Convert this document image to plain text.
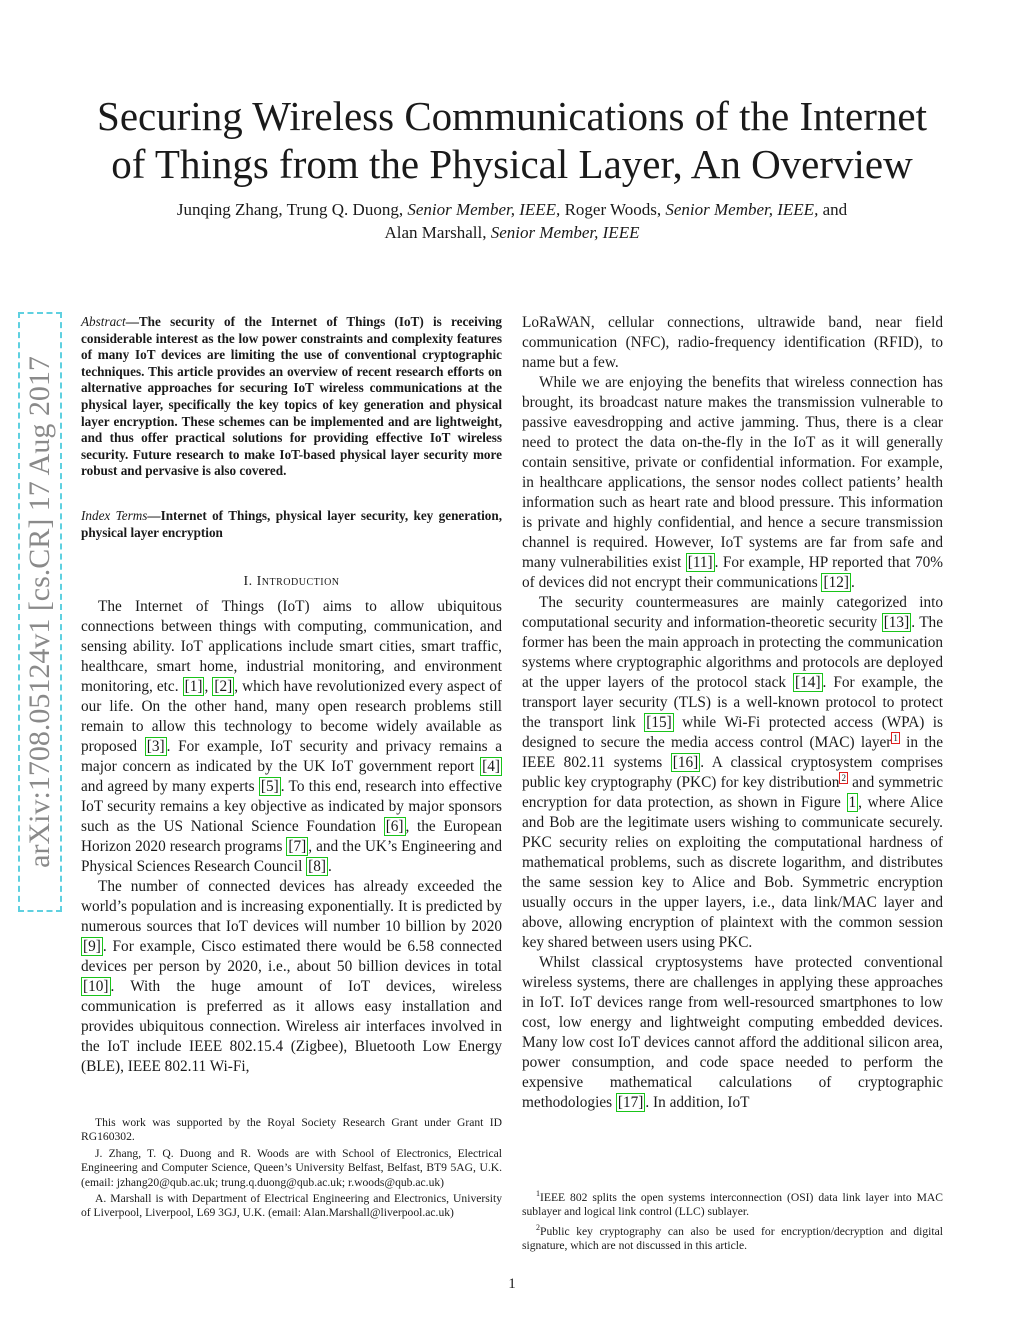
Securing Wireless Communications of the Internet
of Things from the Physical Layer, An Overview
Junqing Zhang, Trung Q. Duong, Senior Member, IEEE, Roger Woods, Senior Member, IEEE, and
Alan Marshall, Senior Member, IEEE
arXiv:1708.05124v1 [cs.CR] 17 Aug 2017

Abstract—The security of the Internet of Things (IoT) is receiving considerable interest as the low power constraints and complexity features of many IoT devices are limiting the use of conventional cryptographic techniques. This article provides an overview of recent research efforts on alternative approaches for securing IoT wireless communications at the physical layer, specifically the key topics of key generation and physical layer encryption. These schemes can be implemented and are lightweight, and thus offer practical solutions for providing effective IoT wireless security. Future research to make IoT-based physical layer security more robust and pervasive is also covered.

Index Terms—Internet of Things, physical layer security, key generation, physical layer encryption

I. Introduction

The Internet of Things (IoT) aims to allow ubiquitous connections between things with computing, communication, and sensing ability. IoT applications include smart cities, smart traffic, healthcare, smart home, industrial monitoring, and environment monitoring, etc. [1] , [2] , which have revolutionized every aspect of our life. On the other hand, many open research problems still remain to allow this technology to become widely available as proposed [3] . For example, IoT security and privacy remains a major concern as indicated by the UK IoT government report [4] and agreed by many experts [5] . To this end, research into effective IoT security remains a key objective as indicated by major sponsors such as the US National Science Foundation [6] , the European Horizon 2020 research programs [7] , and the UK’s Engineering and Physical Sciences Research Council [8] .

The number of connected devices has already exceeded the world’s population and is increasing exponentially. It is predicted by numerous sources that IoT devices will number 10 billion by 2020 [9] . For example, Cisco estimated there would be 6.58 connected devices per person by 2020, i.e., about 50 billion devices in total [10] . With the huge amount of IoT devices, wireless communication is preferred as it allows easy installation and provides ubiquitous connection. Wireless air interfaces involved in the IoT include IEEE 802.15.4 (Zigbee), Bluetooth Low Energy (BLE), IEEE 802.11 Wi-Fi,

This work was supported by the Royal Society Research Grant under Grant ID RG160302.

J. Zhang, T. Q. Duong and R. Woods are with School of Electronics, Electrical Engineering and Computer Science, Queen’s University Belfast, Belfast, BT9 5AG, U.K. (email: jzhang20@qub.ac.uk; trung.q.duong@qub.ac.uk; r.woods@qub.ac.uk)

A. Marshall is with Department of Electrical Engineering and Electronics, University of Liverpool, Liverpool, L69 3GJ, U.K. (email: Alan.Marshall@liverpool.ac.uk)

LoRaWAN, cellular connections, ultrawide band, near field communication (NFC), radio-frequency identification (RFID), to name but a few.

While we are enjoying the benefits that wireless connection has brought, its broadcast nature makes the transmission vulnerable to passive eavesdropping and active jamming. Thus, there is a clear need to protect the data on-the-fly in the IoT as it will generally contain sensitive, private or confidential information. For example, in healthcare applications, the sensor nodes collect patients’ health information such as heart rate and blood pressure. This information is private and highly confidential, and hence a secure transmission channel is required. However, IoT systems are far from safe and many vulnerabilities exist [11] . For example, HP reported that 70% of devices did not encrypt their communications [12] .

The security countermeasures are mainly categorized into computational security and information-theoretic security [13] . The former has been the main approach in protecting the communication systems where cryptographic algorithms and protocols are deployed at the upper layers of the protocol stack [14] . For example, the transport layer security (TLS) is a well-known protocol to protect the transport link [15] while Wi-Fi protected access (WPA) is designed to secure the media access control (MAC) layer $^1$ in the IEEE 802.11 systems [16] . A classical cryptosystem comprises public key cryptography (PKC) for key distribution $^2$ and symmetric encryption for data protection, as shown in Figure 1 , where Alice and Bob are the legitimate users wishing to communicate securely. PKC security relies on exploiting the computational hardness of mathematical problems, such as discrete logarithm, and distributes the same session key to Alice and Bob. Symmetric encryption usually occurs in the upper layers, i.e., data link/MAC layer and above, allowing encryption of plaintext with the common session key shared between users using PKC.

Whilst classical cryptosystems have protected conventional wireless systems, there are challenges in applying these approaches in IoT. IoT devices range from well-resourced smartphones to low cost, low energy and lightweight computing embedded devices. Many low cost IoT devices cannot afford the additional silicon area, power consumption, and code space needed to perform the expensive mathematical calculations of cryptographic methodologies [17] . In addition, IoT

$^1$IEEE 802 splits the open systems interconnection (OSI) data link layer into MAC sublayer and logical link control (LLC) sublayer.

$^2$Public key cryptography can also be used for encryption/decryption and digital signature, which are not discussed in this article.

1
